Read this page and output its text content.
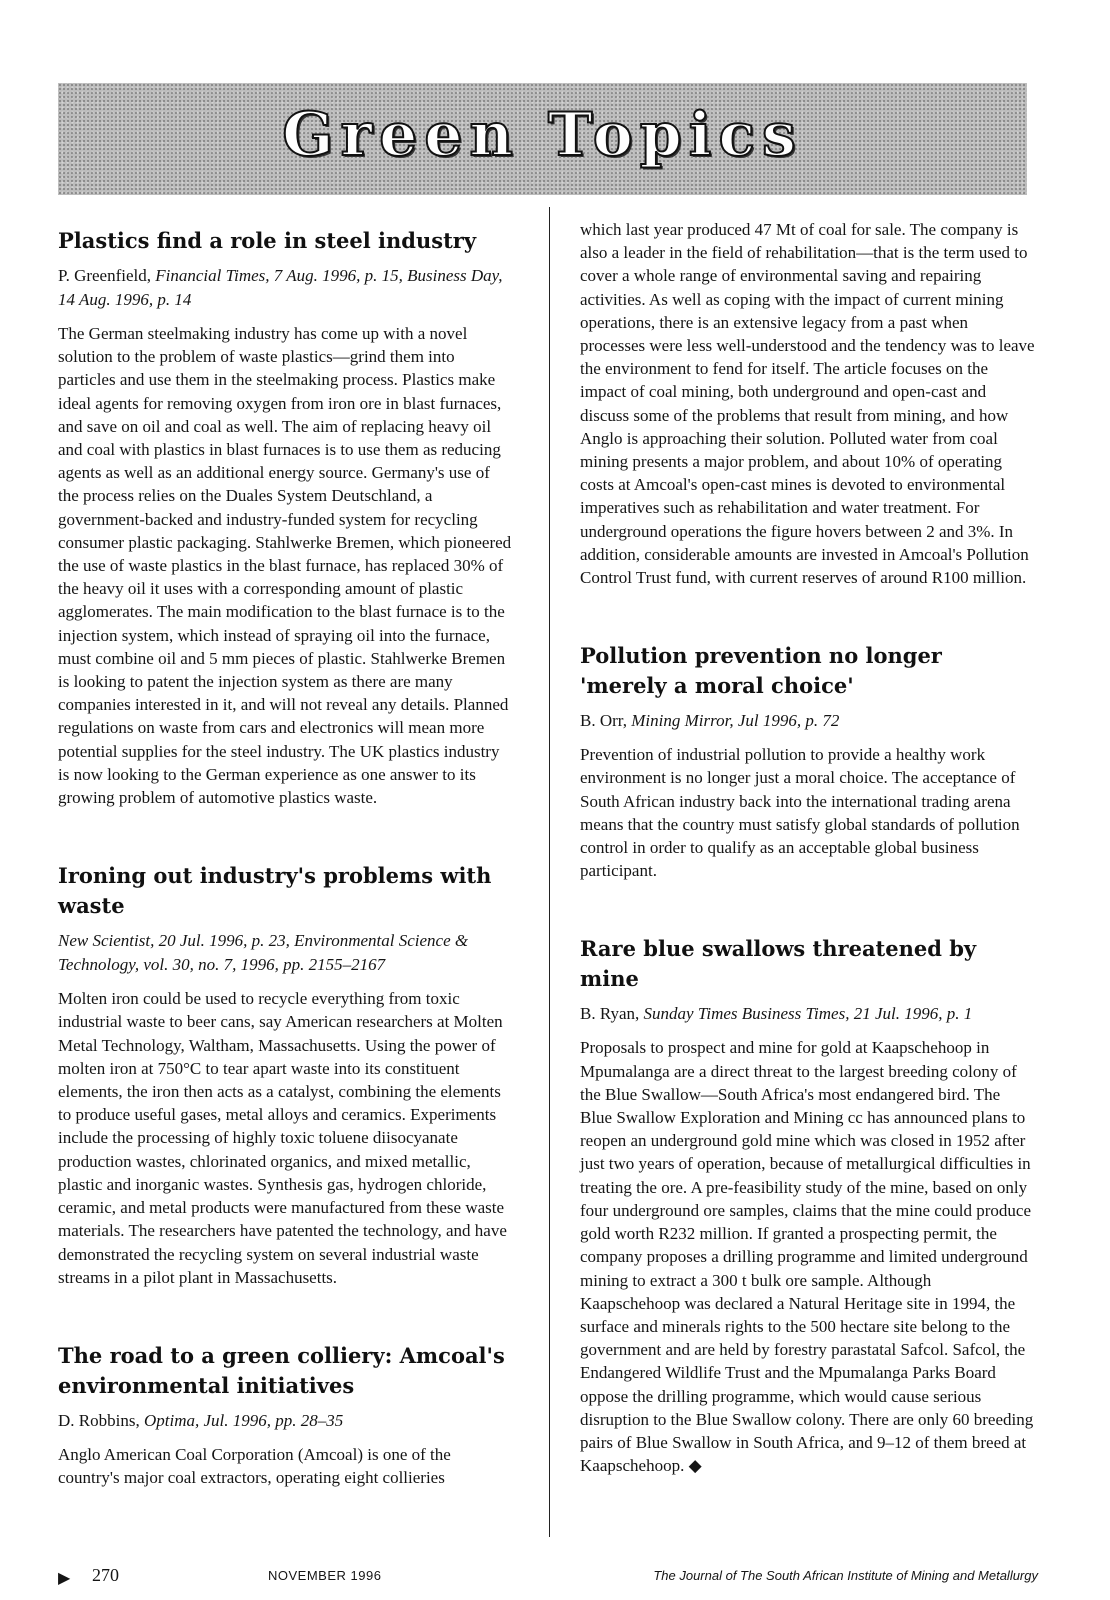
Green Topics
Plastics find a role in steel industry

P. Greenfield, Financial Times, 7 Aug. 1996, p. 15, Business Day, 14 Aug. 1996, p. 14

The German steelmaking industry has come up with a novel solution to the problem of waste plastics—grind them into particles and use them in the steelmaking process. Plastics make ideal agents for removing oxygen from iron ore in blast furnaces, and save on oil and coal as well. The aim of replacing heavy oil and coal with plastics in blast furnaces is to use them as reducing agents as well as an additional energy source. Germany's use of the process relies on the Duales System Deutschland, a government-backed and industry-funded system for recycling consumer plastic packaging. Stahlwerke Bremen, which pioneered the use of waste plastics in the blast furnace, has replaced 30% of the heavy oil it uses with a corresponding amount of plastic agglomerates. The main modification to the blast furnace is to the injection system, which instead of spraying oil into the furnace, must combine oil and 5 mm pieces of plastic. Stahlwerke Bremen is looking to patent the injection system as there are many companies interested in it, and will not reveal any details. Planned regulations on waste from cars and electronics will mean more potential supplies for the steel industry. The UK plastics industry is now looking to the German experience as one answer to its growing problem of automotive plastics waste.

Ironing out industry's problems with waste

New Scientist, 20 Jul. 1996, p. 23, Environmental Science & Technology, vol. 30, no. 7, 1996, pp. 2155–2167

Molten iron could be used to recycle everything from toxic industrial waste to beer cans, say American researchers at Molten Metal Technology, Waltham, Massachusetts. Using the power of molten iron at 750°C to tear apart waste into its constituent elements, the iron then acts as a catalyst, combining the elements to produce useful gases, metal alloys and ceramics. Experiments include the processing of highly toxic toluene diisocyanate production wastes, chlorinated organics, and mixed metallic, plastic and inorganic wastes. Synthesis gas, hydrogen chloride, ceramic, and metal products were manufactured from these waste materials. The researchers have patented the technology, and have demonstrated the recycling system on several industrial waste streams in a pilot plant in Massachusetts.

The road to a green colliery: Amcoal's environmental initiatives

D. Robbins, Optima, Jul. 1996, pp. 28–35

Anglo American Coal Corporation (Amcoal) is one of the country's major coal extractors, operating eight collieries

which last year produced 47 Mt of coal for sale. The company is also a leader in the field of rehabilitation—that is the term used to cover a whole range of environmental saving and repairing activities. As well as coping with the impact of current mining operations, there is an extensive legacy from a past when processes were less well-understood and the tendency was to leave the environment to fend for itself. The article focuses on the impact of coal mining, both underground and open-cast and discuss some of the problems that result from mining, and how Anglo is approaching their solution. Polluted water from coal mining presents a major problem, and about 10% of operating costs at Amcoal's open-cast mines is devoted to environmental imperatives such as rehabilitation and water treatment. For underground operations the figure hovers between 2 and 3%. In addition, considerable amounts are invested in Amcoal's Pollution Control Trust fund, with current reserves of around R100 million.

Pollution prevention no longer 'merely a moral choice'

B. Orr, Mining Mirror, Jul 1996, p. 72

Prevention of industrial pollution to provide a healthy work environment is no longer just a moral choice. The acceptance of South African industry back into the international trading arena means that the country must satisfy global standards of pollution control in order to qualify as an acceptable global business participant.

Rare blue swallows threatened by mine

B. Ryan, Sunday Times Business Times, 21 Jul. 1996, p. 1

Proposals to prospect and mine for gold at Kaapschehoop in Mpumalanga are a direct threat to the largest breeding colony of the Blue Swallow—South Africa's most endangered bird. The Blue Swallow Exploration and Mining cc has announced plans to reopen an underground gold mine which was closed in 1952 after just two years of operation, because of metallurgical difficulties in treating the ore. A pre-feasibility study of the mine, based on only four underground ore samples, claims that the mine could produce gold worth R232 million. If granted a prospecting permit, the company proposes a drilling programme and limited underground mining to extract a 300 t bulk ore sample. Although Kaapschehoop was declared a Natural Heritage site in 1994, the surface and minerals rights to the 500 hectare site belong to the government and are held by forestry parastatal Safcol. Safcol, the Endangered Wildlife Trust and the Mpumalanga Parks Board oppose the drilling programme, which would cause serious disruption to the Blue Swallow colony. There are only 60 breeding pairs of Blue Swallow in South Africa, and 9–12 of them breed at Kaapschehoop. ◆

▶ 270	NOVEMBER 1996	The Journal of The South African Institute of Mining and Metallurgy
